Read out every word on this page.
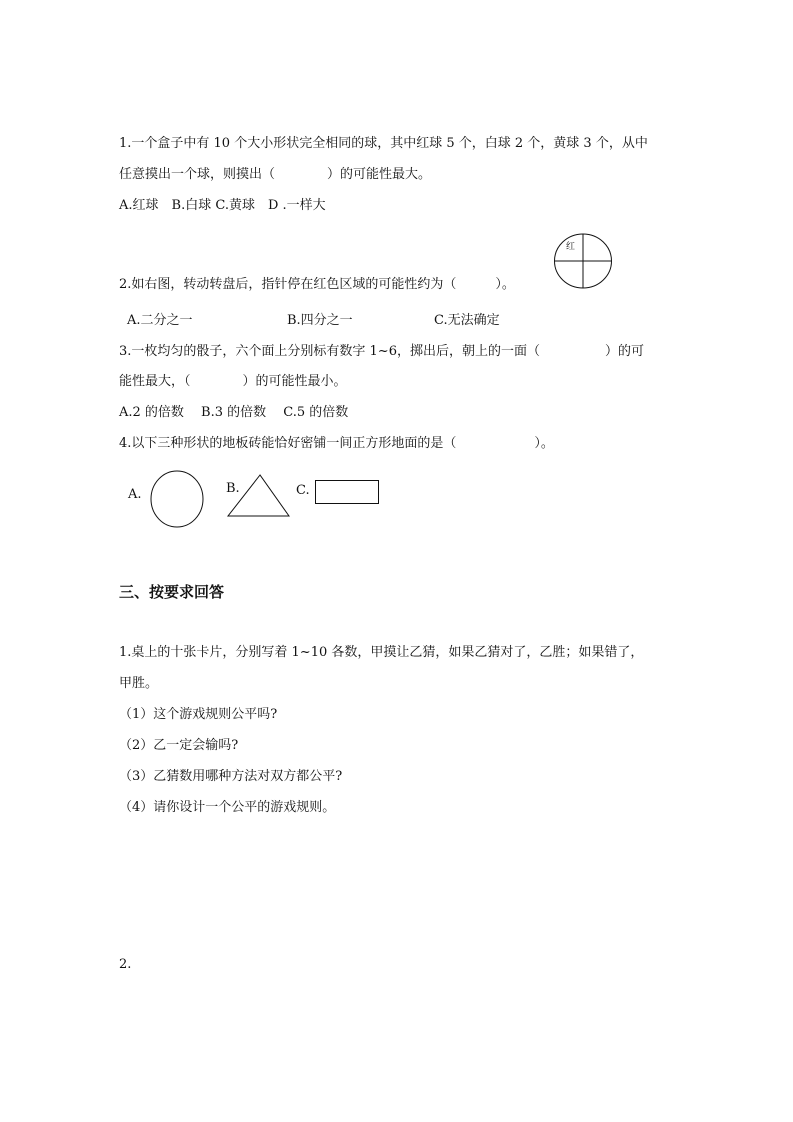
1.一个盒子中有 10 个大小形状完全相同的球，其中红球 5 个，白球 2 个，黄球 3 个，从中
任意摸出一个球，则摸出（　　　　）的可能性最大。
A.红球　B.白球 C.黄球　D .一样大
红
2.如右图，转动转盘后，指针停在红色区域的可能性约为（　　　）。
A.二分之一	B.四分之一	C.无法确定
3.一枚均匀的骰子，六个面上分别标有数字 1~6，掷出后，朝上的一面（　　　　　）的可
能性最大，（　　　　）的可能性最小。
A.2 的倍数　 B.3 的倍数　 C.5 的倍数
4.以下三种形状的地板砖能恰好密铺一间正方形地面的是（　　　　　　）。
A.	B.	C.
三、按要求回答
1.桌上的十张卡片，分别写着 1~10 各数，甲摸让乙猜，如果乙猜对了，乙胜；如果错了，
甲胜。
（1）这个游戏规则公平吗?
（2）乙一定会输吗?
（3）乙猜数用哪种方法对双方都公平?
（4）请你设计一个公平的游戏规则。
2.
